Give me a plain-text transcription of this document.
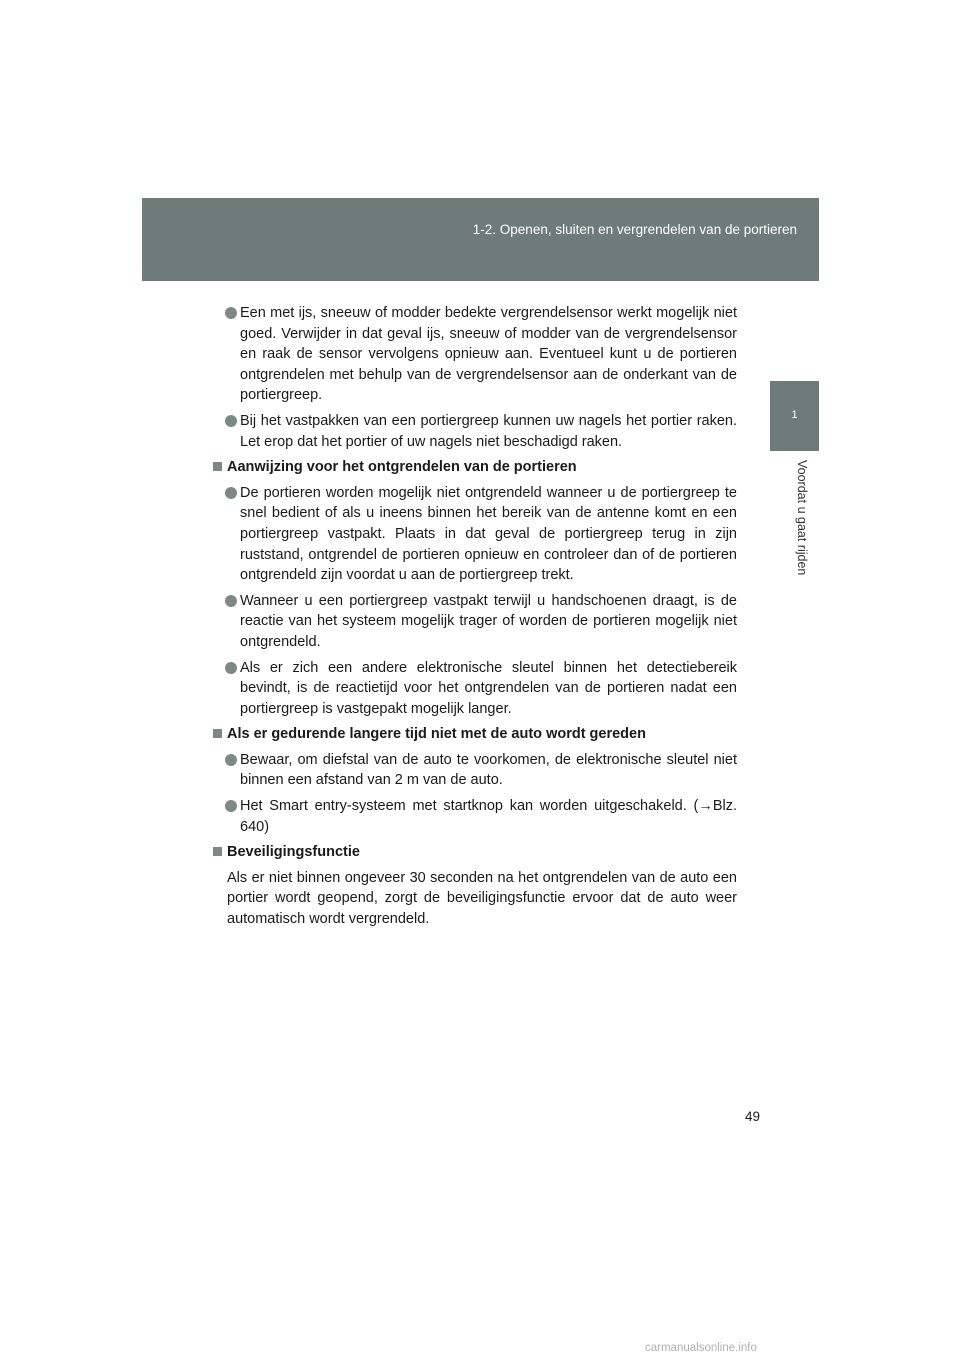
1-2. Openen, sluiten en vergrendelen van de portieren
1
Voordat u gaat rijden
Een met ijs, sneeuw of modder bedekte vergrendelsensor werkt mogelijk niet goed. Verwijder in dat geval ijs, sneeuw of modder van de vergrendelsensor en raak de sensor vervolgens opnieuw aan. Eventueel kunt u de portieren ontgrendelen met behulp van de vergrendelsensor aan de onderkant van de portiergreep.
Bij het vastpakken van een portiergreep kunnen uw nagels het portier raken. Let erop dat het portier of uw nagels niet beschadigd raken.
Aanwijzing voor het ontgrendelen van de portieren
De portieren worden mogelijk niet ontgrendeld wanneer u de portiergreep te snel bedient of als u ineens binnen het bereik van de antenne komt en een portiergreep vastpakt. Plaats in dat geval de portiergreep terug in zijn ruststand, ontgrendel de portieren opnieuw en controleer dan of de portieren ontgrendeld zijn voordat u aan de portiergreep trekt.
Wanneer u een portiergreep vastpakt terwijl u handschoenen draagt, is de reactie van het systeem mogelijk trager of worden de portieren mogelijk niet ontgrendeld.
Als er zich een andere elektronische sleutel binnen het detectiebereik bevindt, is de reactietijd voor het ontgrendelen van de portieren nadat een portiergreep is vastgepakt mogelijk langer.
Als er gedurende langere tijd niet met de auto wordt gereden
Bewaar, om diefstal van de auto te voorkomen, de elektronische sleutel niet binnen een afstand van 2 m van de auto.
Het Smart entry-systeem met startknop kan worden uitgeschakeld. (→Blz. 640)
Beveiligingsfunctie
Als er niet binnen ongeveer 30 seconden na het ontgrendelen van de auto een portier wordt geopend, zorgt de beveiligingsfunctie ervoor dat de auto weer automatisch wordt vergrendeld.
49
carmanualsonline.info
